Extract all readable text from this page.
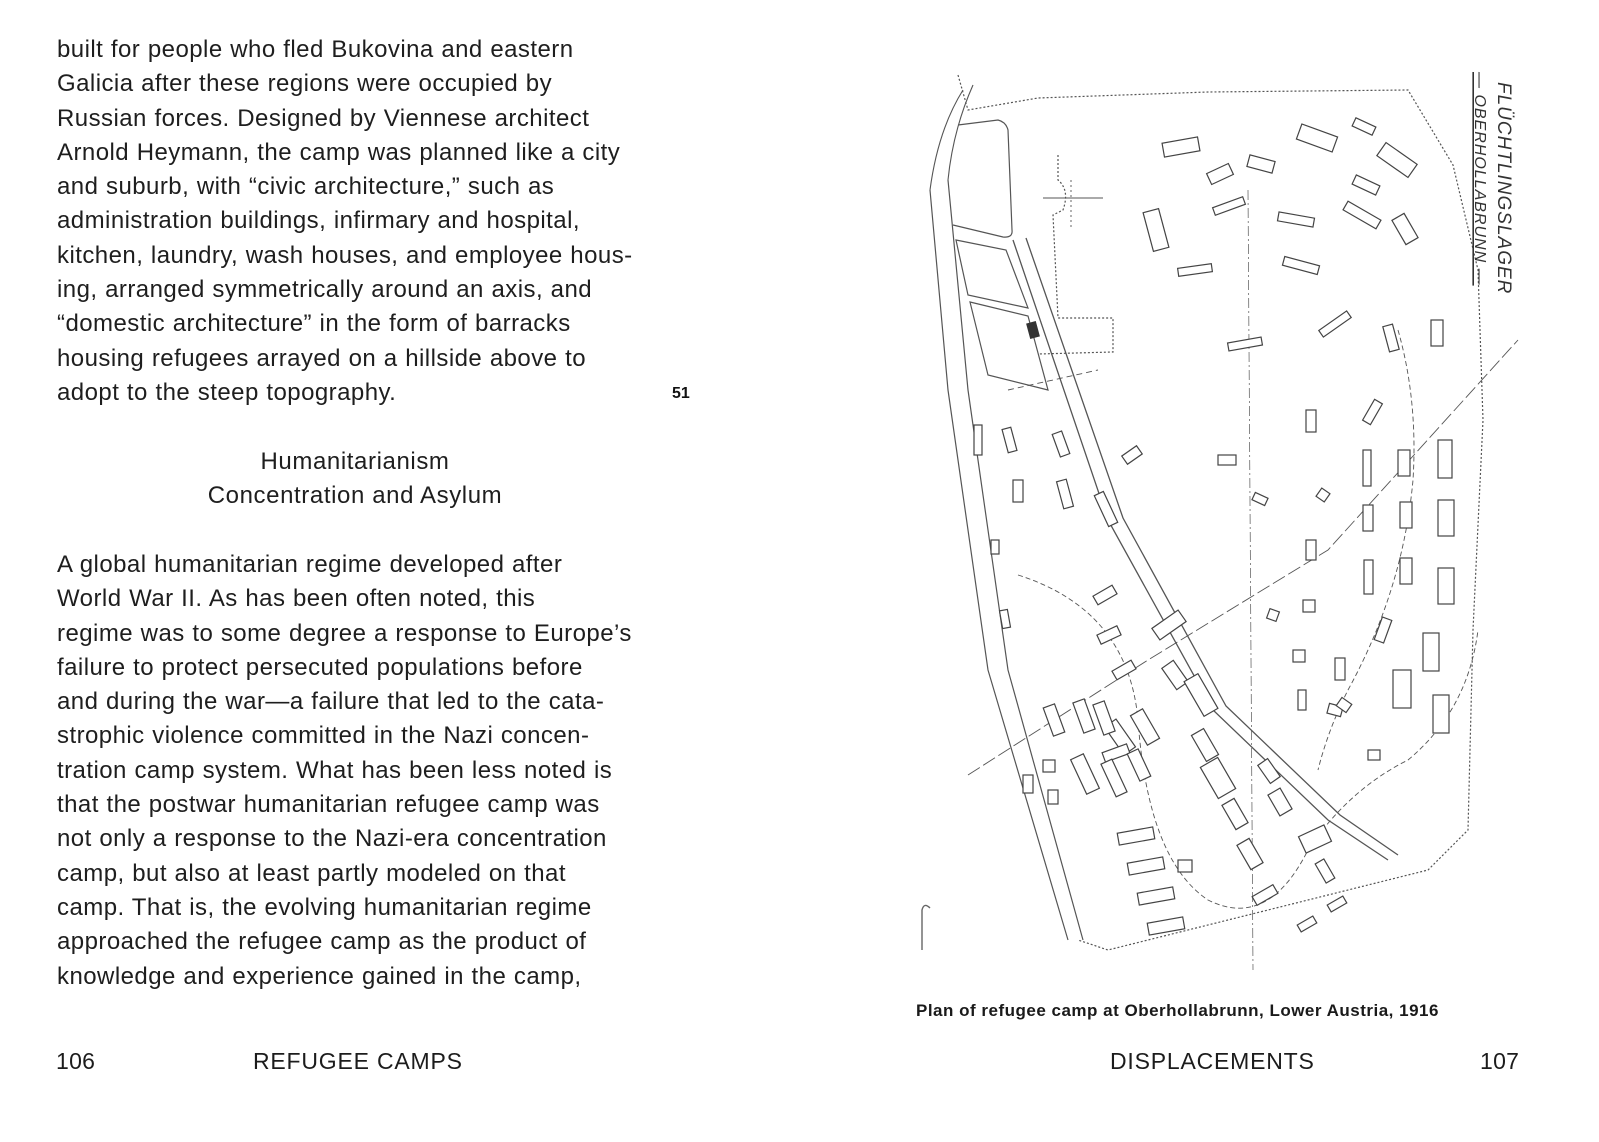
built for people who fled Bukovina and eastern
Galicia after these regions were occupied by
Russian forces. Designed by Viennese architect
Arnold Heymann, the camp was planned like a city
and suburb, with “civic architecture,” such as
administration buildings, infirmary and hospital,
kitchen, laundry, wash houses, and employee hous-
ing, arranged symmetrically around an axis, and
“domestic architecture” in the form of barracks
housing refugees arrayed on a hillside above to
adopt to the steep topography.
Humanitarianism
Concentration and Asylum
A global humanitarian regime developed after
World War II. As has been often noted, this
regime was to some degree a response to Europe’s
failure to protect persecuted populations before
and during the war—a failure that led to the cata-
strophic violence committed in the Nazi concen-
tration camp system. What has been less noted is
that the postwar humanitarian refugee camp was
not only a response to the Nazi-era concentration
camp, but also at least partly modeled on that
camp. That is, the evolving humanitarian regime
approached the refugee camp as the product of
knowledge and experience gained in the camp,
51
106	REFUGEE CAMPS
FLÜCHTLINGSLAGER
— OBERHOLLABRUNN —
Plan of refugee camp at Oberhollabrunn, Lower Austria, 1916
DISPLACEMENTS	107
